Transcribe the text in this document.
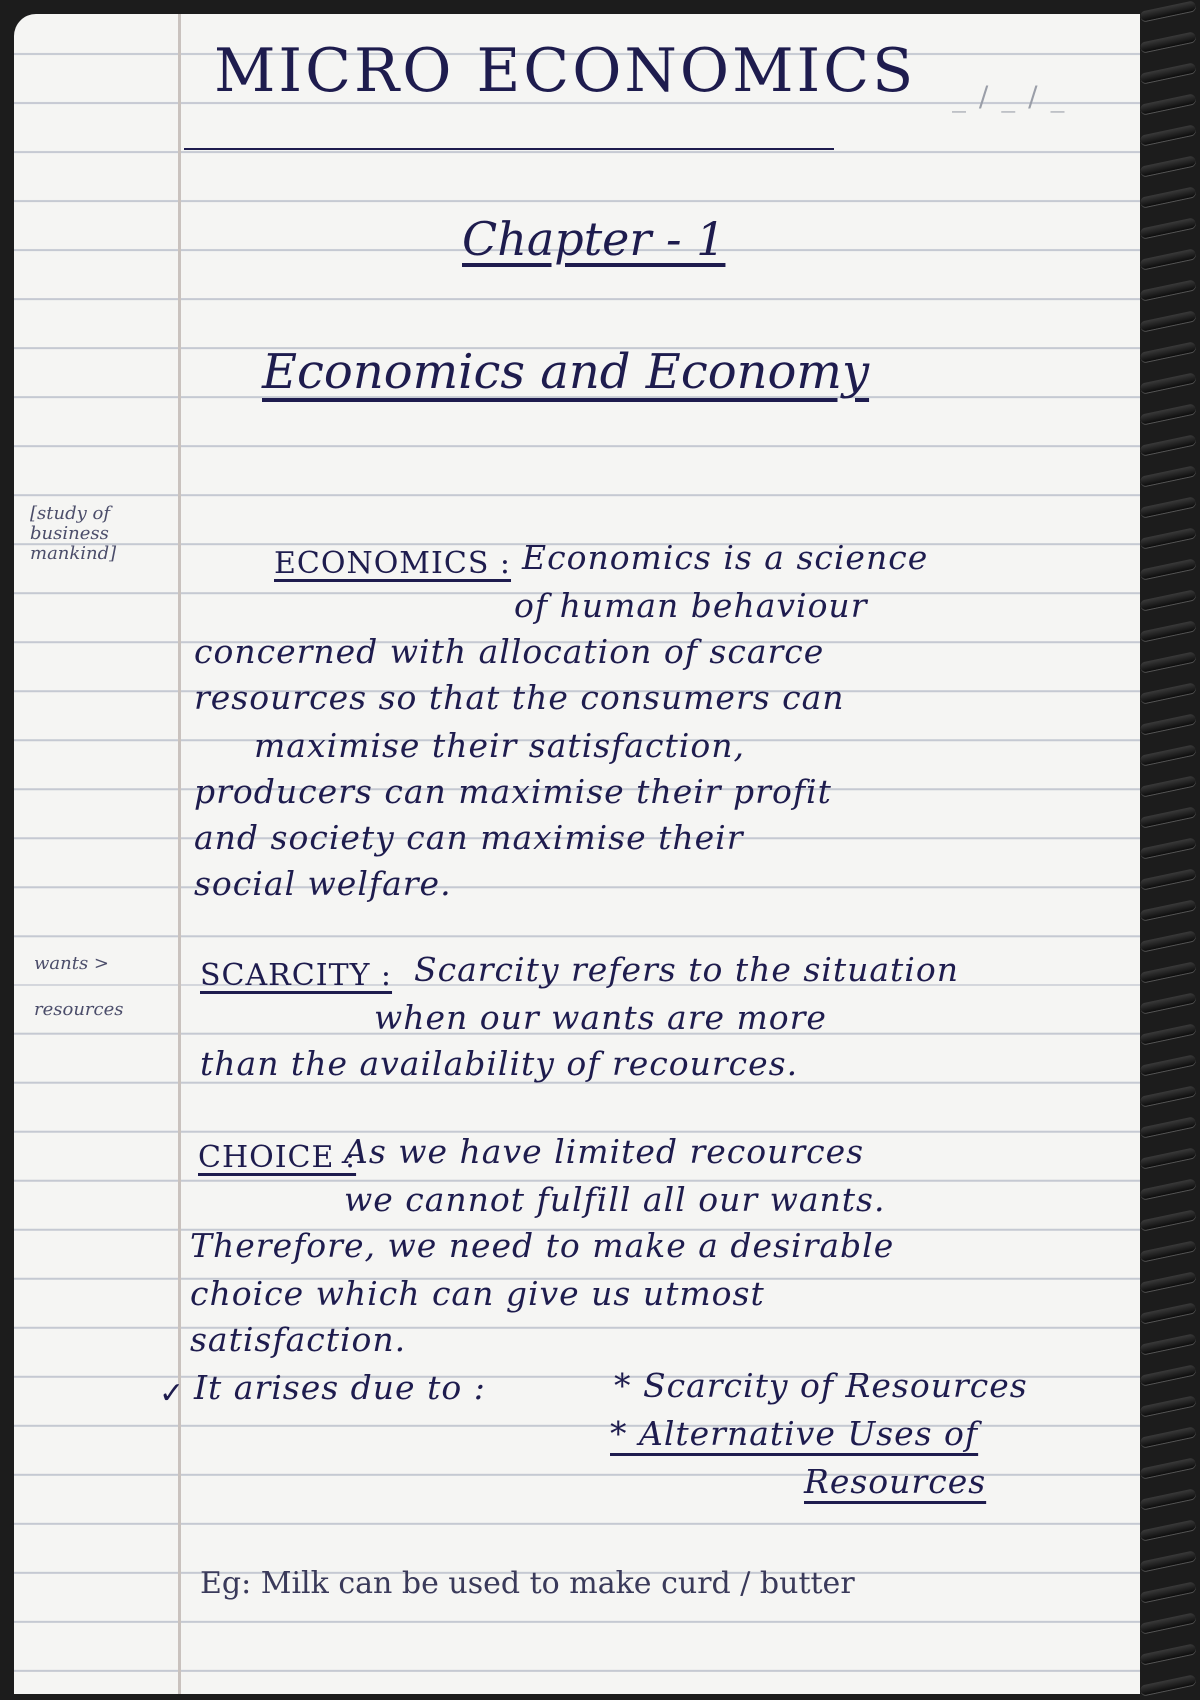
MICRO ECONOMICS _ / _ / _
Chapter - 1
Economics and Economy
[study of
business
mankind]	ECONOMICS : Economics is a science
of human behaviour
concerned with allocation of scarce
resources so that the consumers can
maximise their satisfaction,
producers can maximise their profit
and society can maximise their
social welfare.
wants >
resources
SCARCITY : Scarcity refers to the situation
when our wants are more
than the availability of recources.
CHOICE :
As we have limited recources
we cannot fulfill all our wants.
Therefore, we need to make a desirable
choice which can give us utmost
satisfaction.
✓ It arises due to :	* Scarcity of Resources
* Alternative Uses of
Resources
Eg: Milk can be used to make curd / butter
